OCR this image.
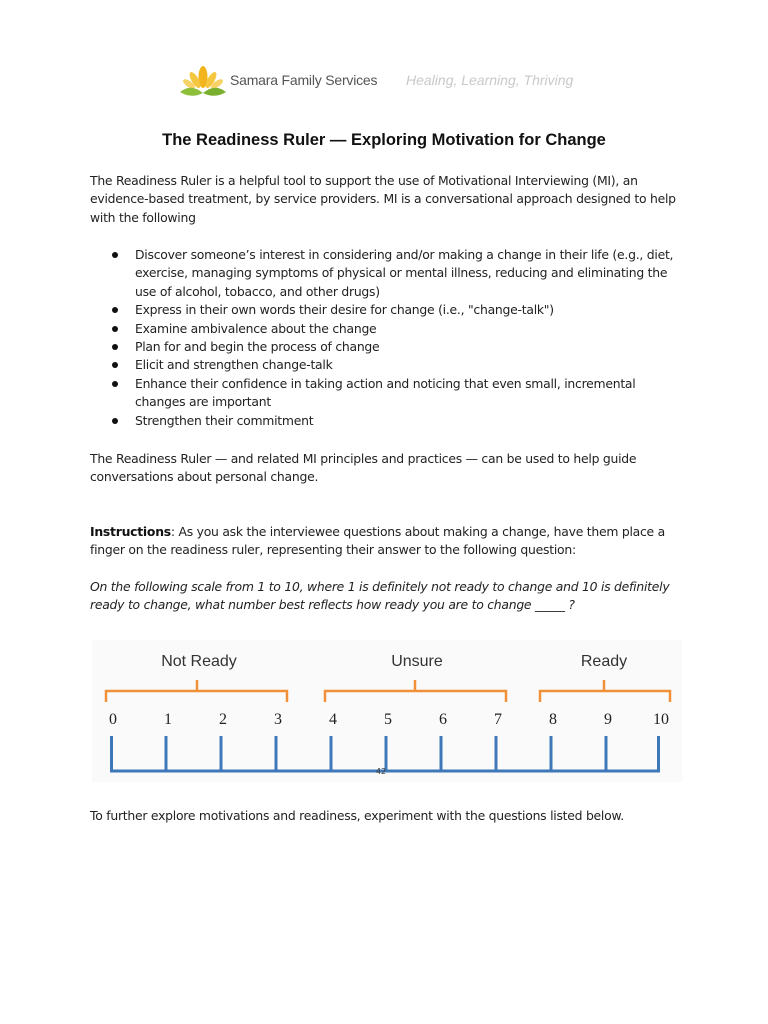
Samara Family Services Healing, Learning, Thriving
The Readiness Ruler — Exploring Motivation for Change
The Readiness Ruler is a helpful tool to support the use of Motivational Interviewing (MI), an evidence-based treatment, by service providers. MI is a conversational approach designed to help with the following
Discover someone’s interest in considering and/or making a change in their life (e.g., diet, exercise, managing symptoms of physical or mental illness, reducing and eliminating the use of alcohol, tobacco, and other drugs)
Express in their own words their desire for change (i.e., "change-talk")
Examine ambivalence about the change
Plan for and begin the process of change
Elicit and strengthen change-talk
Enhance their confidence in taking action and noticing that even small, incremental changes are important
Strengthen their commitment
The Readiness Ruler — and related MI principles and practices — can be used to help guide conversations about personal change.
Instructions: As you ask the interviewee questions about making a change, have them place a finger on the readiness ruler, representing their answer to the following question:
On the following scale from 1 to 10, where 1 is definitely not ready to change and 10 is definitely ready to change, what number best reflects how ready you are to change _____ ?
Not Ready	Unsure	Ready
0	1	2	3	4	5	6	7	8	9	10
42
To further explore motivations and readiness, experiment with the questions listed below.
